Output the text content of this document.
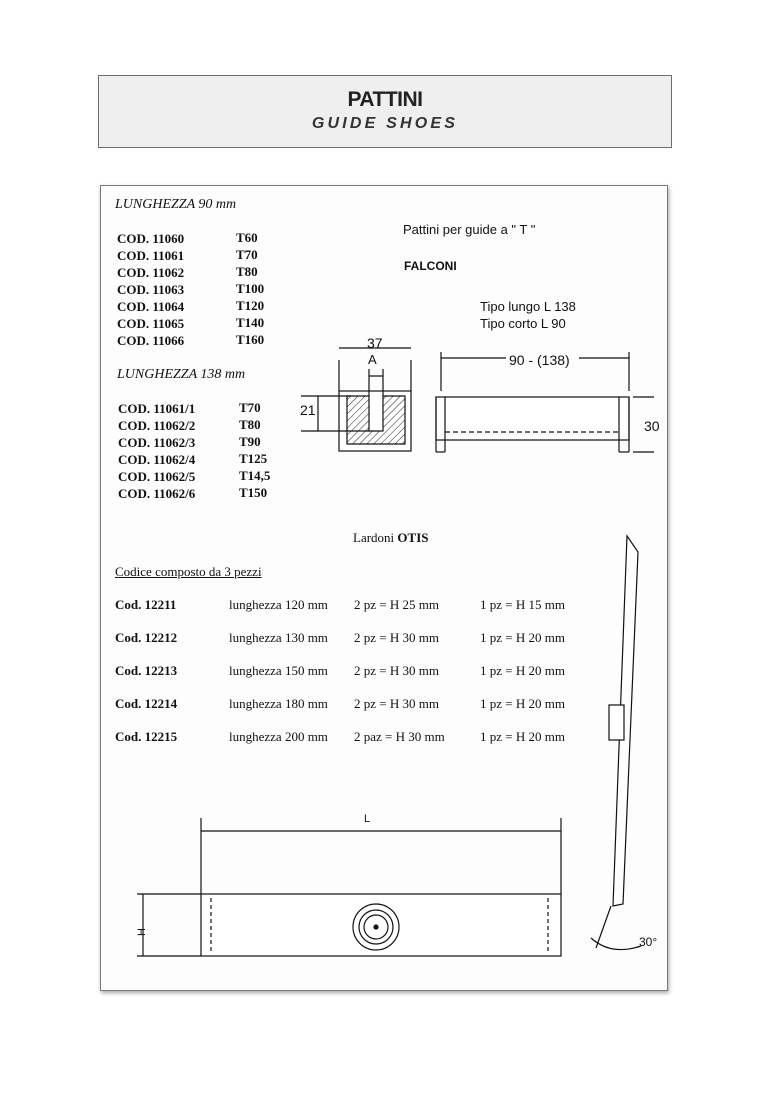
PATTINI
GUIDE SHOES
LUNGHEZZA 90 mm
LUNGHEZZA 138 mm
COD. 11060	T60
COD. 11061	T70
COD. 11062	T80
COD. 11063	T100
COD. 11064	T120
COD. 11065	T140
COD. 11066	T160
COD. 11061/1	T70
COD. 11062/2	T80
COD. 11062/3	T90
COD. 11062/4	T125
COD. 11062/5	T14,5
COD. 11062/6	T150
Pattini per guide a " T "
FALCONI
Tipo lungo L 138
Tipo corto L 90
37
A
21
90 - (138)
30
Lardoni OTIS
Codice composto da 3 pezzi
Cod. 12211	lunghezza 120 mm 2 pz = H 25 mm	1 pz = H 15 mm
Cod. 12212	lunghezza 130 mm 2 pz = H 30 mm	1 pz = H 20 mm
Cod. 12213	lunghezza 150 mm 2 pz = H 30 mm	1 pz = H 20 mm
Cod. 12214	lunghezza 180 mm 2 pz = H 30 mm	1 pz = H 20 mm
Cod. 12215	lunghezza 200 mm 2 paz = H 30 mm	1 pz = H 20 mm
L
H
30°
